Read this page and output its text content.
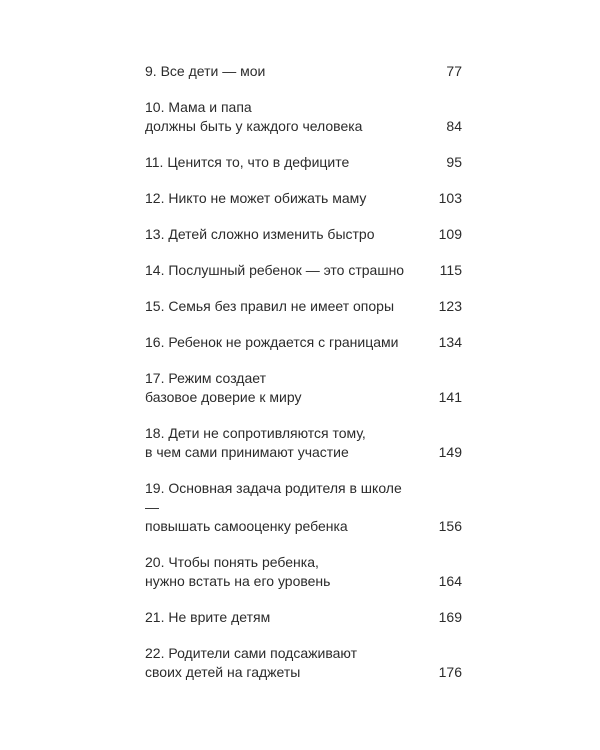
9. Все дети — мои	77
10. Мама и папа
должны быть у каждого человека	84
11. Ценится то, что в дефиците	95
12. Никто не может обижать маму	103
13. Детей сложно изменить быстро	109
14. Послушный ребенок — это страшно	115
15. Семья без правил не имеет опоры	123
16. Ребенок не рождается с границами	134
17. Режим создает
базовое доверие к миру	141
18. Дети не сопротивляются тому,
в чем сами принимают участие	149
19. Основная задача родителя в школе —
повышать самооценку ребенка	156
20. Чтобы понять ребенка,
нужно встать на его уровень	164
21. Не врите детям	169
22. Родители сами подсаживают
своих детей на гаджеты	176
